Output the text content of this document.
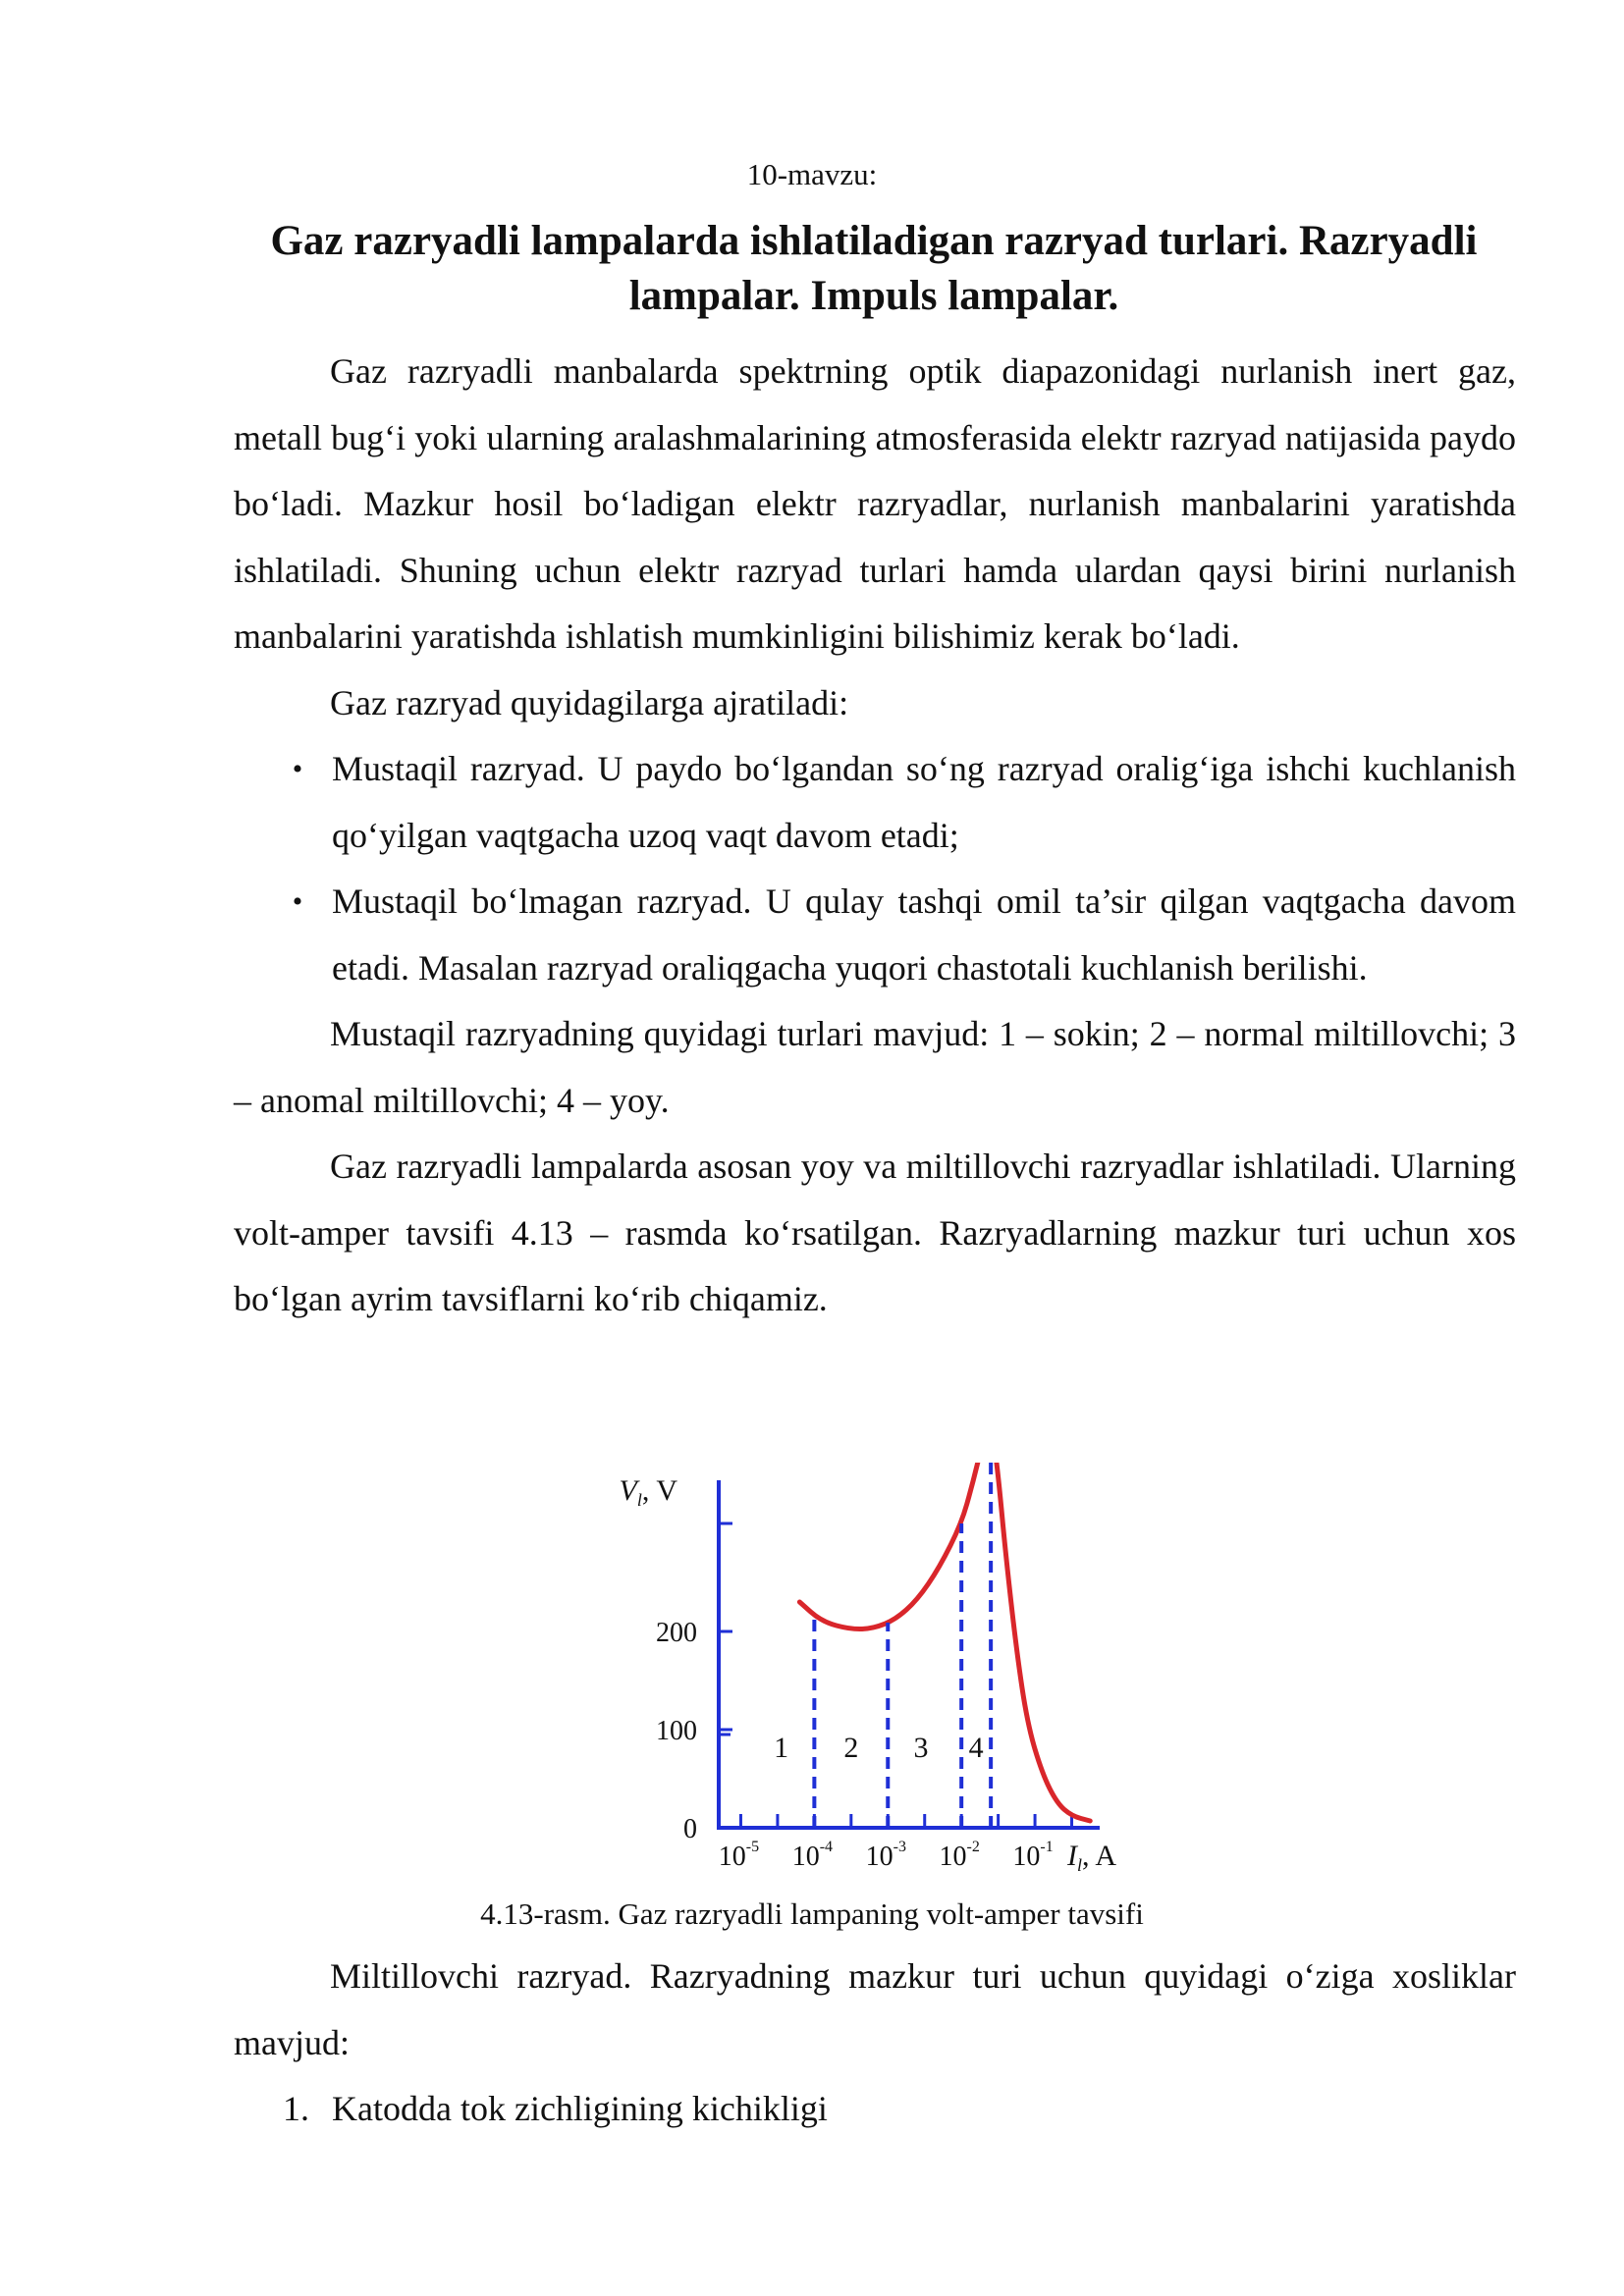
10-mavzu:
Gaz razryadli lampalarda ishlatiladigan razryad turlari. Razryadli lampalar. Impuls lampalar.

Gaz razryadli manbalarda spektrning optik diapazonidagi nurlanish inert gaz, metall bug‘i yoki ularning aralashmalarining atmosferasida elektr razryad natijasida paydo bo‘ladi. Mazkur hosil bo‘ladigan elektr razryadlar, nurlanish manbalarini yaratishda ishlatiladi. Shuning uchun elektr razryad turlari hamda ulardan qaysi birini nurlanish manbalarini yaratishda ishlatish mumkinligini bilishimiz kerak bo‘ladi.

Gaz razryad quyidagilarga ajratiladi:

• Mustaqil razryad. U paydo bo‘lgandan so‘ng razryad oralig‘iga ishchi kuchlanish qo‘yilgan vaqtgacha uzoq vaqt davom etadi;
• Mustaqil bo‘lmagan razryad. U qulay tashqi omil ta’sir qilgan vaqtgacha davom etadi. Masalan razryad oraliqgacha yuqori chastotali kuchlanish berilishi.

Mustaqil razryadning quyidagi turlari mavjud: 1 – sokin; 2 – normal miltillovchi; 3 – anomal miltillovchi; 4 – yoy.

Gaz razryadli lampalarda asosan yoy va miltillovchi razryadlar ishlatiladi. Ularning volt-amper tavsifi 4.13 – rasmda ko‘rsatilgan. Razryadlarning mazkur turi uchun xos bo‘lgan ayrim tavsiflarni ko‘rib chiqamiz.

0
100
200
$V_l$, V
$10^{-5}$ $10^{-4}$ $10^{-3}$ $10^{-2}$ $10^{-1}$ $I_l$, A
1 2 3 4
4.13-rasm. Gaz razryadli lampaning volt-amper tavsifi

Miltillovchi razryad. Razryadning mazkur turi uchun quyidagi o‘ziga xosliklar mavjud:

1. Katodda tok zichligining kichikligi
